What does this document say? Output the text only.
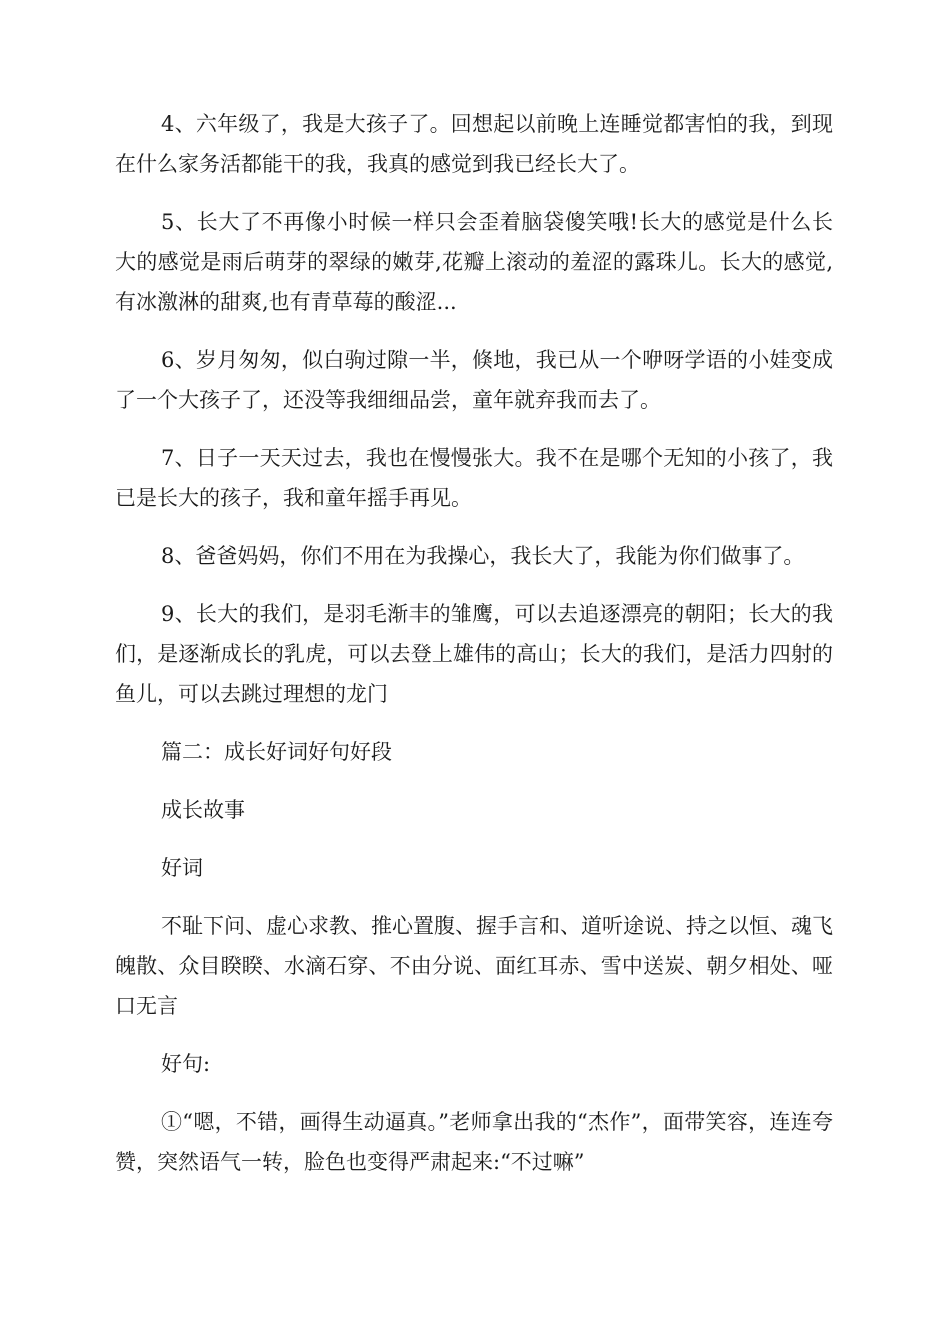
4、六年级了，我是大孩子了。回想起以前晚上连睡觉都害怕的我，到现在什么家务活都能干的我，我真的感觉到我已经长大了。

5、长大了不再像小时候一样只会歪着脑袋傻笑哦!长大的感觉是什么长大的感觉是雨后萌芽的翠绿的嫩芽,花瓣上滚动的羞涩的露珠儿。长大的感觉,有冰激淋的甜爽,也有青草莓的酸涩...

6、岁月匆匆，似白驹过隙一半，倏地，我已从一个咿呀学语的小娃变成了一个大孩子了，还没等我细细品尝，童年就弃我而去了。

7、日子一天天过去，我也在慢慢张大。我不在是哪个无知的小孩了，我已是长大的孩子，我和童年摇手再见。

8、爸爸妈妈，你们不用在为我操心，我长大了，我能为你们做事了。

9、长大的我们，是羽毛渐丰的雏鹰，可以去追逐漂亮的朝阳；长大的我们，是逐渐成长的乳虎，可以去登上雄伟的高山；长大的我们，是活力四射的鱼儿，可以去跳过理想的龙门

篇二：成长好词好句好段

成长故事

好词

不耻下问、虚心求教、推心置腹、握手言和、道听途说、持之以恒、魂飞魄散、众目睽睽、水滴石穿、不由分说、面红耳赤、雪中送炭、朝夕相处、哑口无言

好句:

①“嗯，不错，画得生动逼真。”老师拿出我的“杰作”，面带笑容，连连夸赞，突然语气一转，脸色也变得严肃起来:“不过嘛”
